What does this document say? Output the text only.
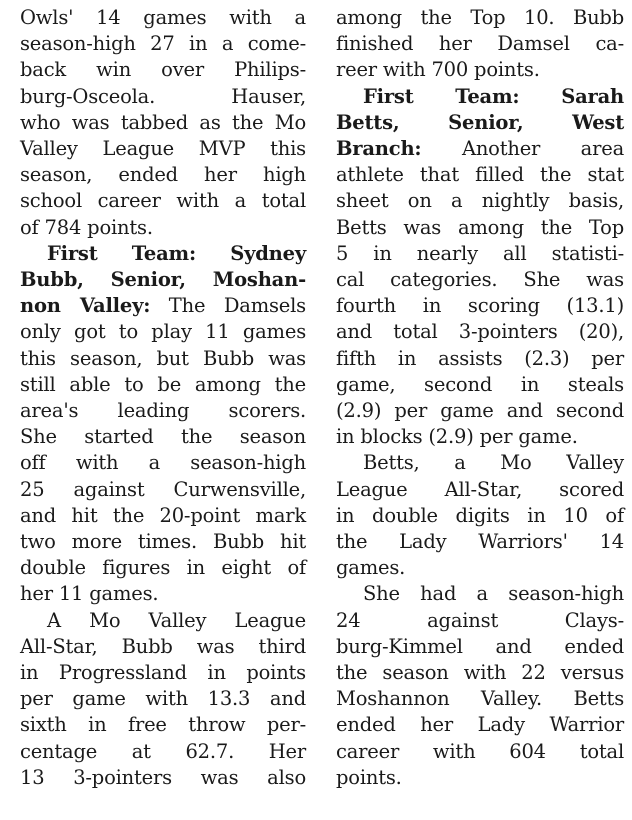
Owls' 14 games with a
season-high 27 in a come-
back win over Philips-
burg-Osceola. Hauser,
who was tabbed as the Mo
Valley League MVP this
season, ended her high
school career with a total
of 784 points.
First Team: Sydney
Bubb, Senior, Moshan-
non Valley: The Damsels
only got to play 11 games
this season, but Bubb was
still able to be among the
area's leading scorers.
She started the season
off with a season-high
25 against Curwensville,
and hit the 20-point mark
two more times. Bubb hit
double figures in eight of
her 11 games.
A Mo Valley League
All-Star, Bubb was third
in Progressland in points
per game with 13.3 and
sixth in free throw per-
centage at 62.7. Her
13 3-pointers was also
among the Top 10. Bubb
finished her Damsel ca-
reer with 700 points.
First Team: Sarah
Betts, Senior, West
Branch: Another area
athlete that filled the stat
sheet on a nightly basis,
Betts was among the Top
5 in nearly all statisti-
cal categories. She was
fourth in scoring (13.1)
and total 3-pointers (20),
fifth in assists (2.3) per
game, second in steals
(2.9) per game and second
in blocks (2.9) per game.
Betts, a Mo Valley
League All-Star, scored
in double digits in 10 of
the Lady Warriors' 14
games.
She had a season-high
24 against Clays-
burg-Kimmel and ended
the season with 22 versus
Moshannon Valley. Betts
ended her Lady Warrior
career with 604 total
points.
